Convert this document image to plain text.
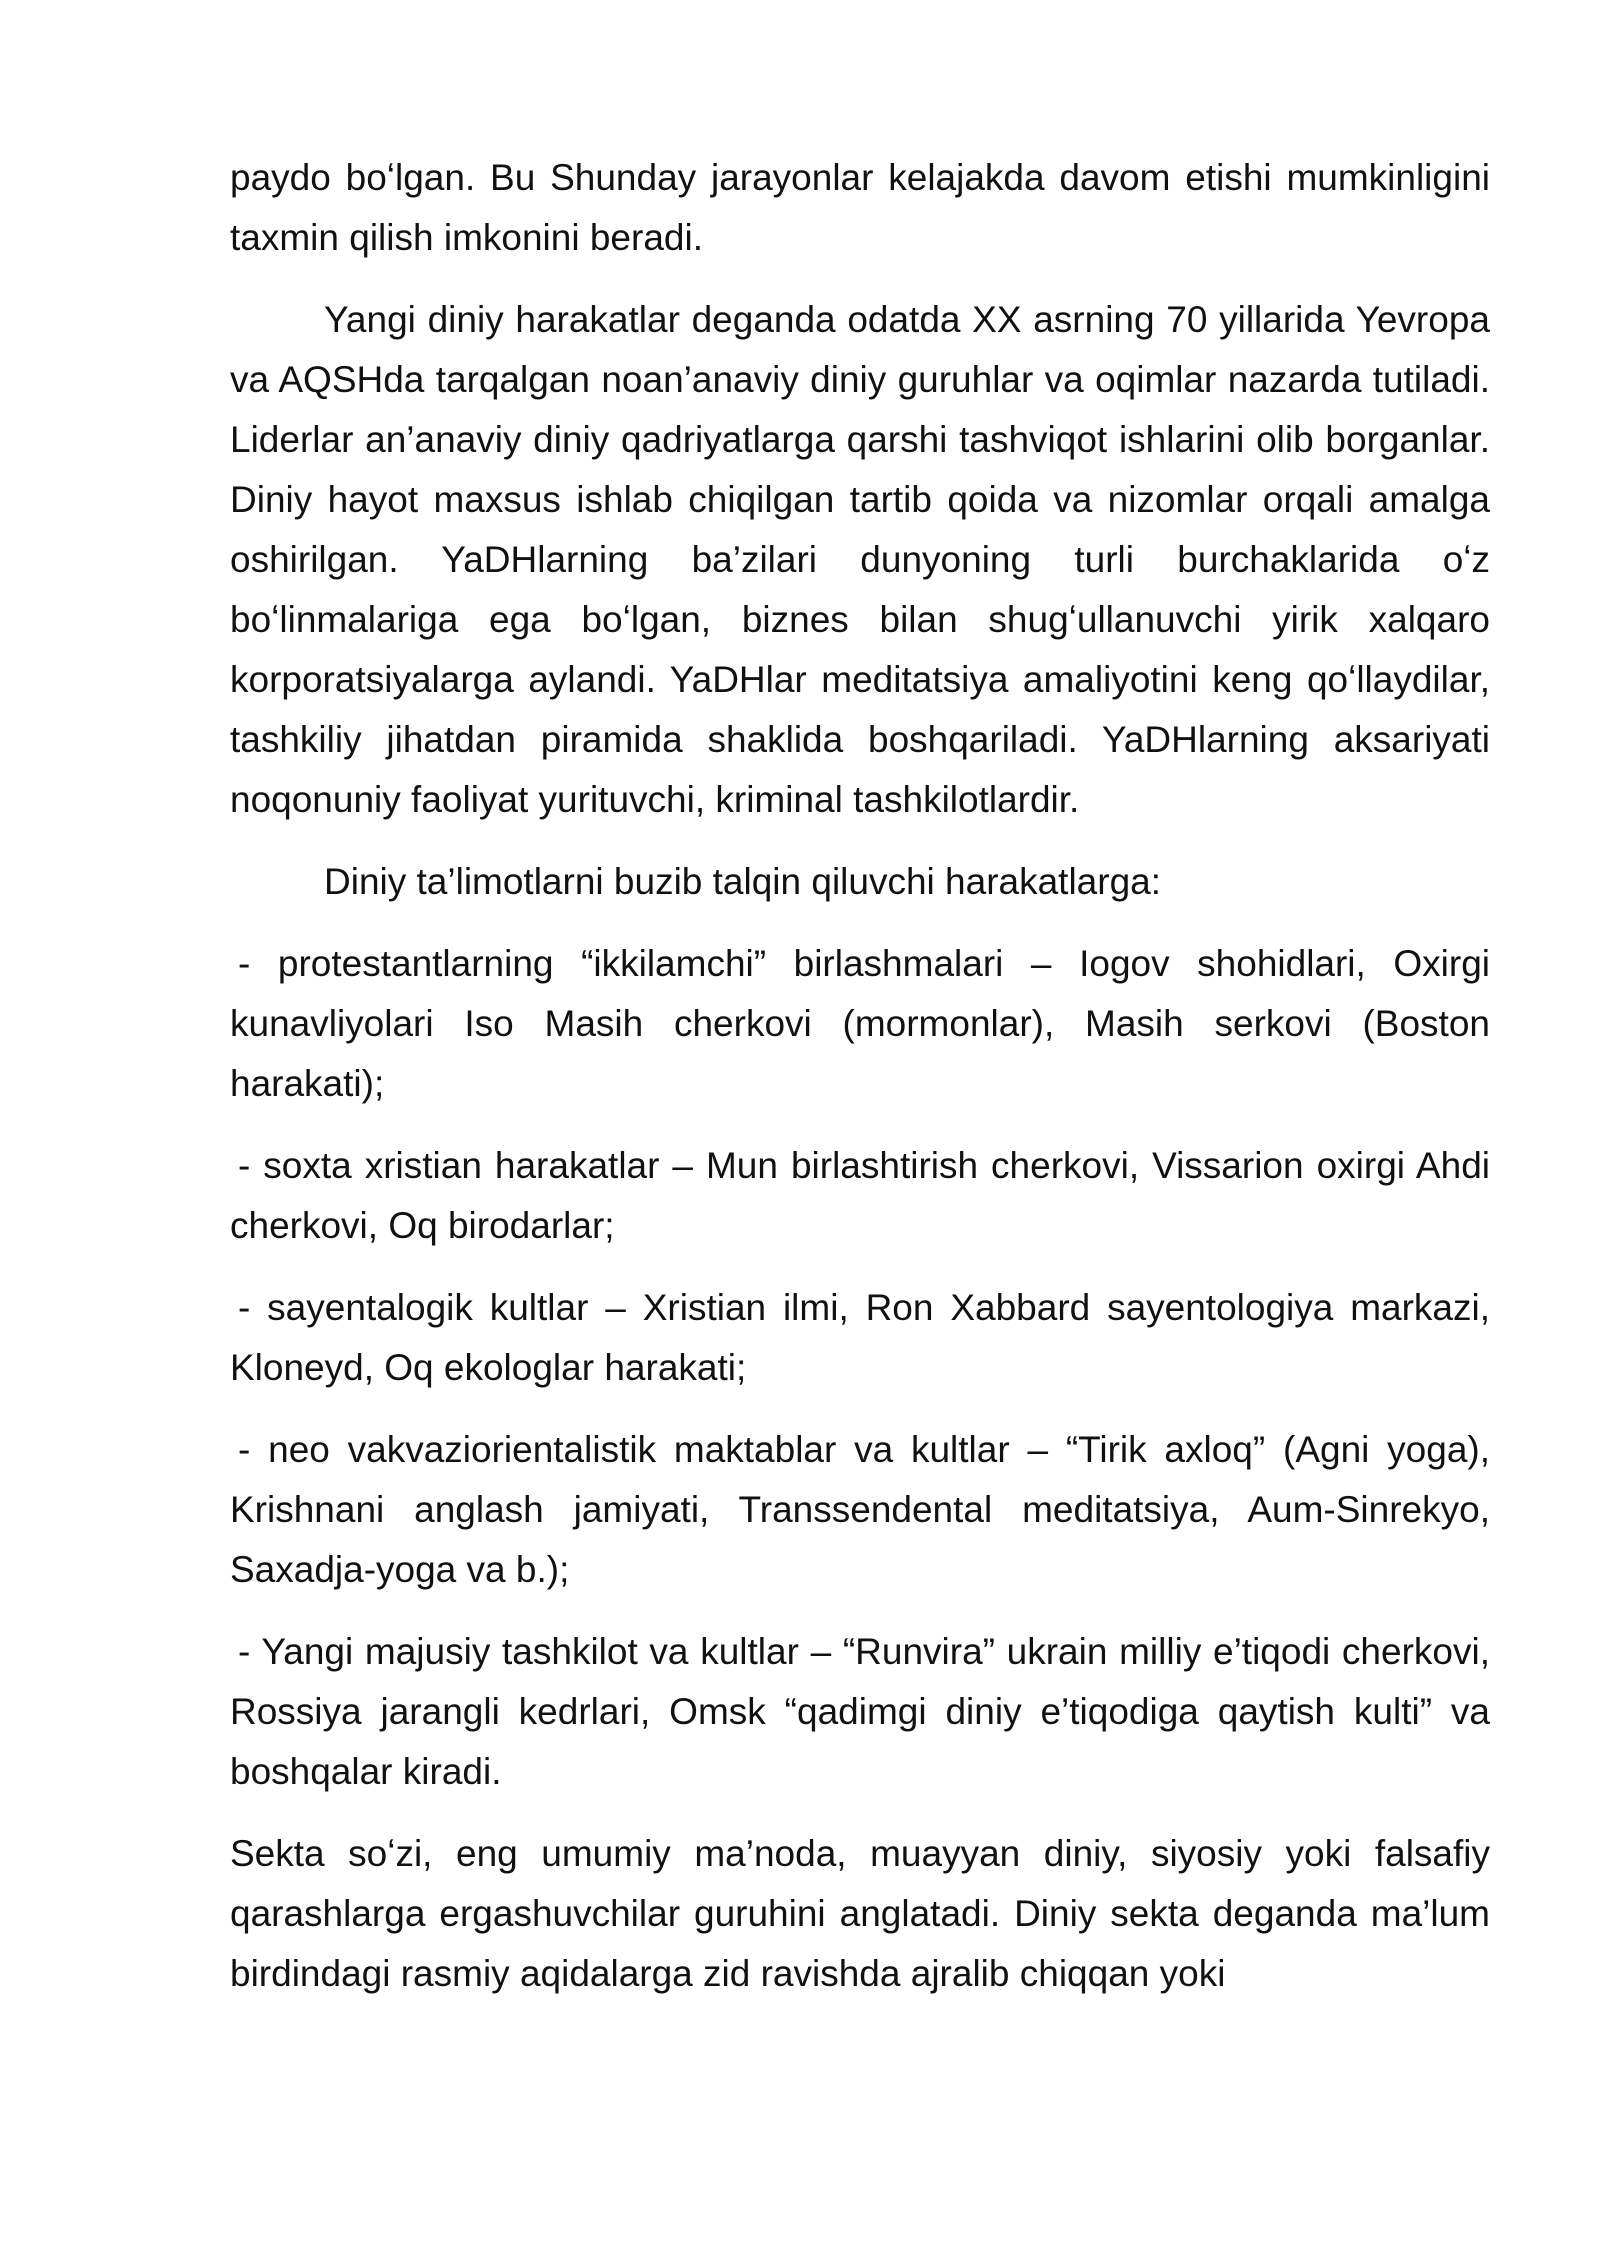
paydo boʻlgan. Bu Shunday jarayonlar kelajakda davom etishi mumkinligini taxmin qilish imkonini beradi.

Yangi diniy harakatlar deganda odatda XX asrning 70 yillarida Yevropa va AQSHda tarqalgan noan’anaviy diniy guruhlar va oqimlar nazarda tutiladi. Liderlar an’anaviy diniy qadriyatlarga qarshi tashviqot ishlarini olib borganlar. Diniy hayot maxsus ishlab chiqilgan tartib qoida va nizomlar orqali amalga oshirilgan. YaDHlarning ba’zilari dunyoning turli burchaklarida oʻz boʻlinmalariga ega boʻlgan, biznes bilan shugʻullanuvchi yirik xalqaro korporatsiyalarga aylandi. YaDHlar meditatsiya amaliyotini keng qoʻllaydilar, tashkiliy jihatdan piramida shaklida boshqariladi. YaDHlarning aksariyati noqonuniy faoliyat yurituvchi, kriminal tashkilotlardir.

Diniy ta’limotlarni buzib talqin qiluvchi harakatlarga:

- protestantlarning “ikkilamchi” birlashmalari – Iogov shohidlari, Oxirgi kunavliyolari Iso Masih cherkovi (mormonlar), Masih serkovi (Boston harakati);

- soxta xristian harakatlar – Mun birlashtirish cherkovi, Vissarion oxirgi Ahdi cherkovi, Oq birodarlar;

- sayentalogik kultlar – Xristian ilmi, Ron Xabbard sayentologiya markazi, Kloneyd, Oq ekologlar harakati;

- neo vakvaziorientalistik maktablar va kultlar – “Tirik axloq” (Agni yoga), Krishnani anglash jamiyati, Transsendental meditatsiya, Aum-Sinrekyo, Saxadja-yoga va b.);

- Yangi majusiy tashkilot va kultlar – “Runvira” ukrain milliy e’tiqodi cherkovi, Rossiya jarangli kedrlari, Omsk “qadimgi diniy e’tiqodiga qaytish kulti” va boshqalar kiradi.

Sekta soʻzi, eng umumiy ma’noda, muayyan diniy, siyosiy yoki falsafiy qarashlarga ergashuvchilar guruhini anglatadi. Diniy sekta deganda ma’lum birdindagi rasmiy aqidalarga zid ravishda ajralib chiqqan yoki
